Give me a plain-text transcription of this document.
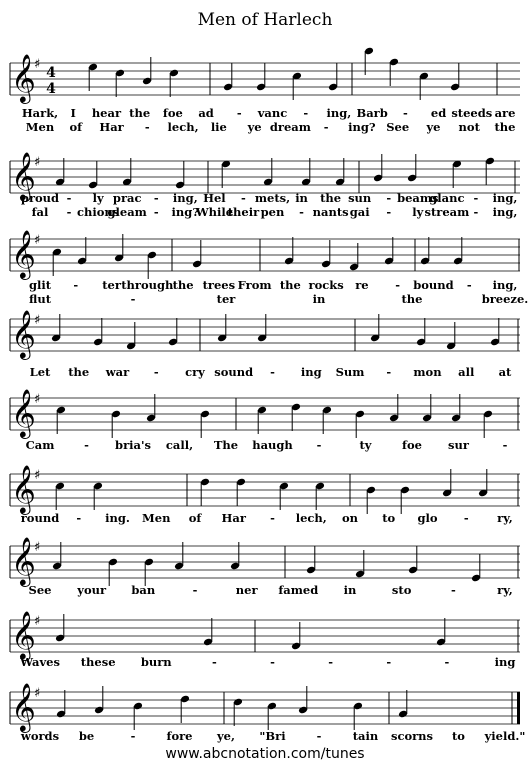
Men of Harlech
𝄞
♯
4
4
Hark, I hear the foe ad - vanc - ing, Barb - ed steeds are
Men of Har - lech, lie ye dream - ing? See ye not the
𝄞
♯
proud - ly prac - ing, Hel - mets, in the sun - beams
glanc - ing,
fal - chions
gleam - ing?
While
their pen - nants gai - ly stream - ing,
𝄞
♯
glit - ter through the trees From the rocks re - bound - ing,
flut	-	ter	in	the	breeze.
𝄞
♯
Let the war - cry sound - ing Sum - mon all at
𝄞
♯
Cam	- bria's call, The haugh -	ty	foe sur	-
𝄞
♯
round - ing. Men of Har - lech, on to glo - ry,
𝄞
♯
See your ban	-	ner famed in	sto	-	ry,
𝄞
♯
Waves these burn	-	-	-	-	-	ing
𝄞
♯
words be	-	fore ye, "Bri	-	tain scorns to yield."
www.abcnotation.com/tunes
